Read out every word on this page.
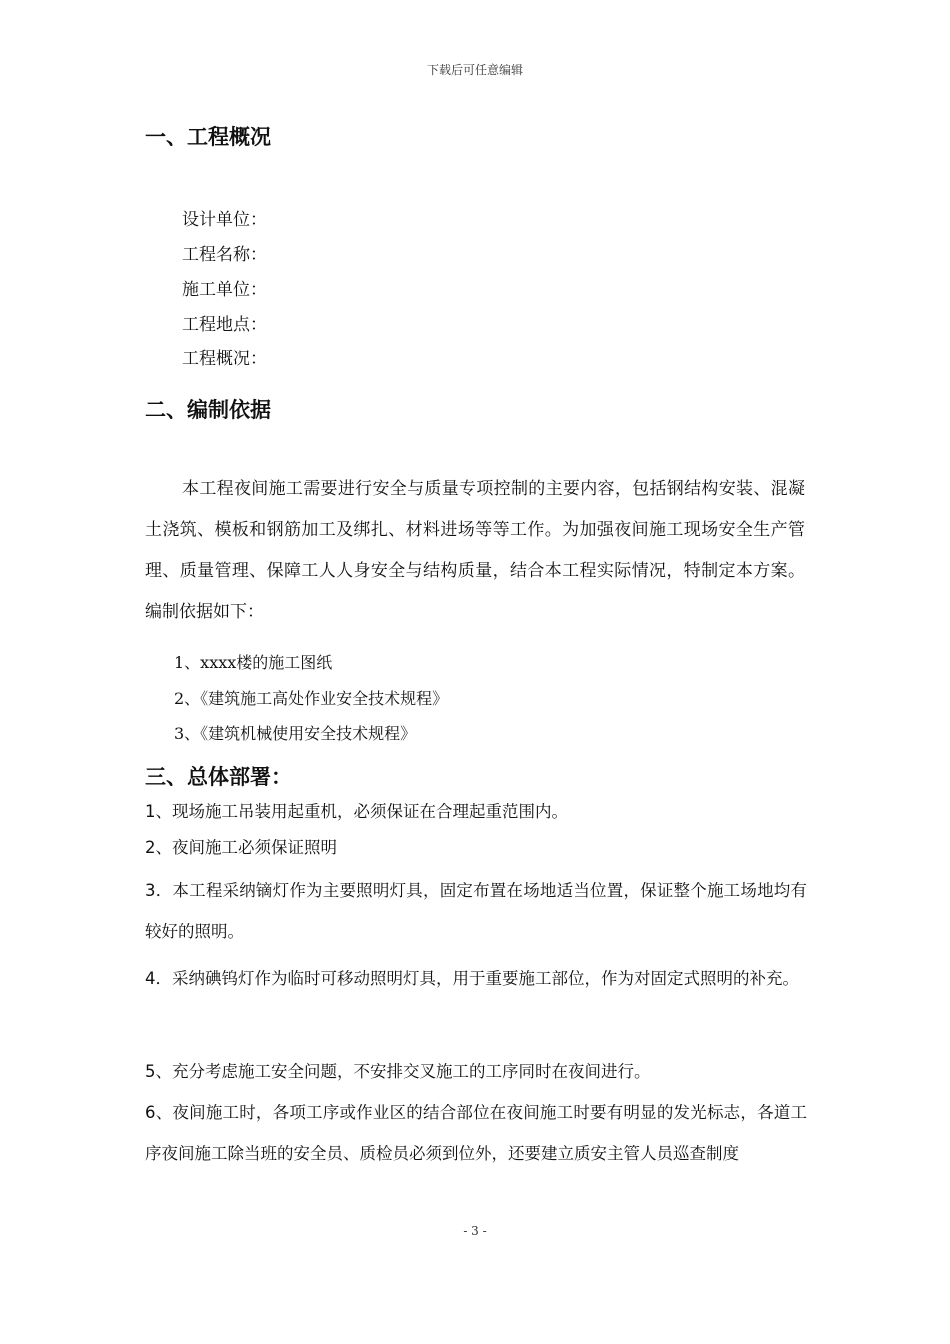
下载后可任意编辑
一、工程概况
设计单位：
工程名称：
施工单位：
工程地点：
工程概况：
二、编制依据
本工程夜间施工需要进行安全与质量专项控制的主要内容，包括钢结构安装、混凝土浇筑、模板和钢筋加工及绑扎、材料进场等等工作。为加强夜间施工现场安全生产管理、质量管理、保障工人人身安全与结构质量，结合本工程实际情况，特制定本方案。编制依据如下：
1、xxxx楼的施工图纸
2、《建筑施工高处作业安全技术规程》
3、《建筑机械使用安全技术规程》
三、总体部署：
1、现场施工吊装用起重机，必须保证在合理起重范围内。
2、夜间施工必须保证照明
3．本工程采纳镝灯作为主要照明灯具，固定布置在场地适当位置，保证整个施工场地均有较好的照明。
4．采纳碘钨灯作为临时可移动照明灯具，用于重要施工部位，作为对固定式照明的补充。
5、充分考虑施工安全问题，不安排交叉施工的工序同时在夜间进行。
6、夜间施工时，各项工序或作业区的结合部位在夜间施工时要有明显的发光标志，各道工序夜间施工除当班的安全员、质检员必须到位外，还要建立质安主管人员巡查制度
- 3 -
